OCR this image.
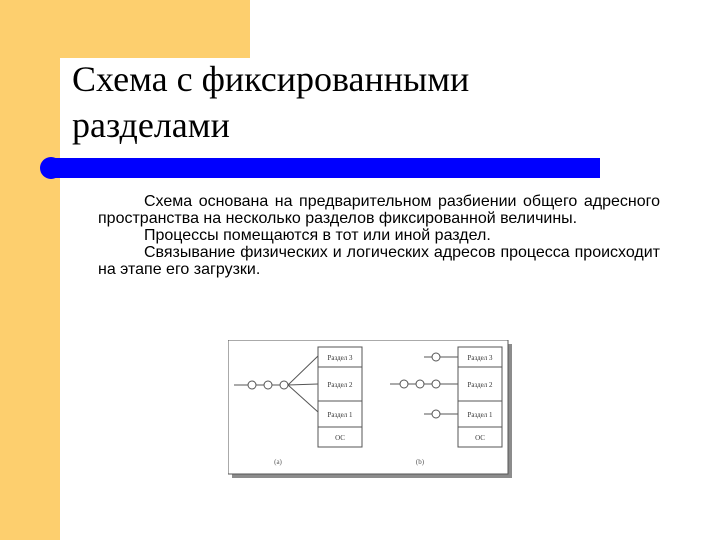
Схема с фиксированными
разделами

Схема основана на предварительном разбиении общего адресного пространства на несколько разделов фиксированной величины.

Процессы помещаются в тот или иной раздел.

Связывание физических и логических адресов процесса происходит на этапе его загрузки.

Раздел 3
Раздел 2
Раздел 1
ОС
(а)
Раздел 3
Раздел 2
Раздел 1
ОС
(b)
